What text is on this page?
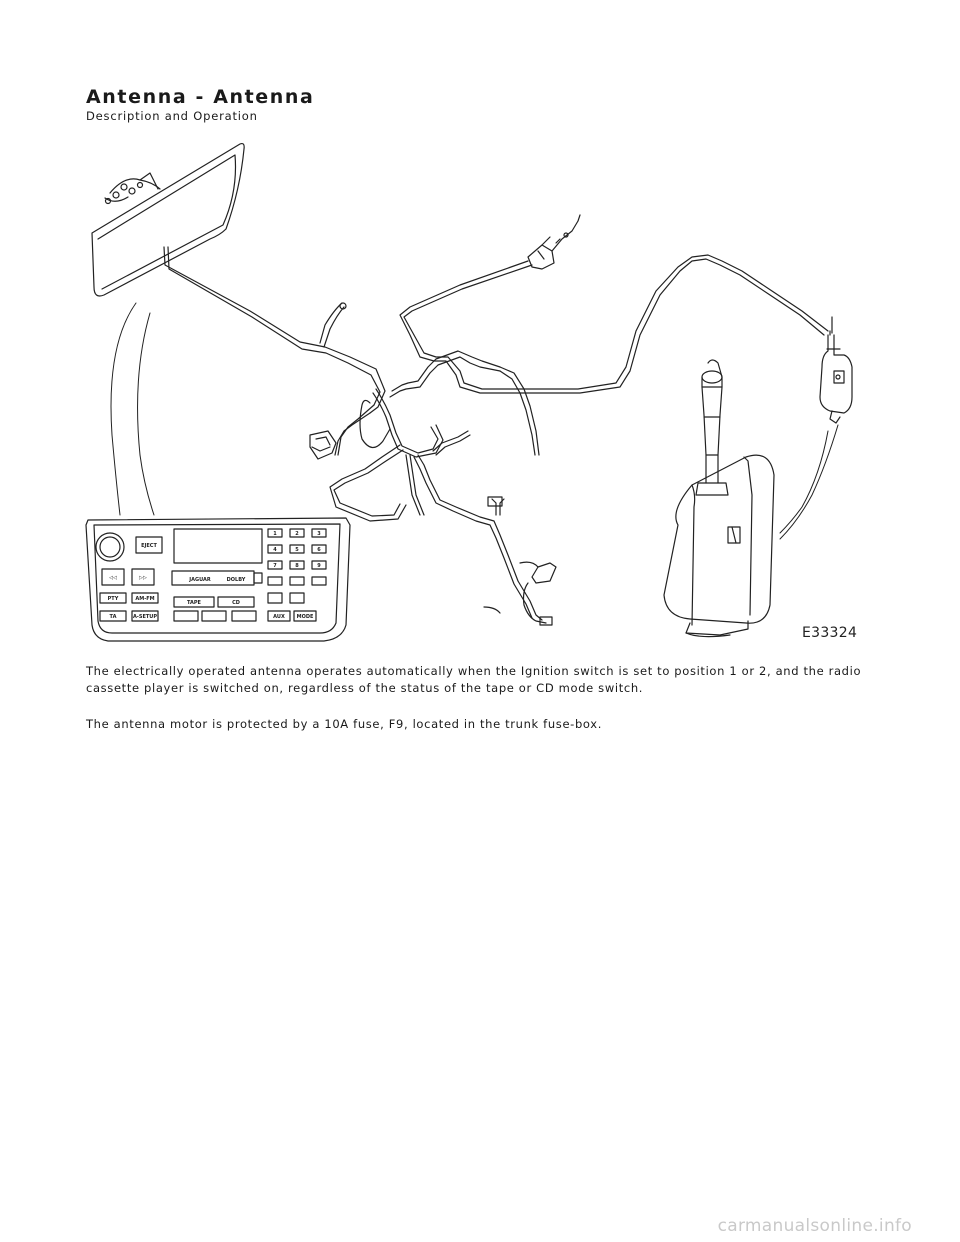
Antenna - Antenna

Description and Operation

EJECT
1	2	3
4	5	6
7	8	9
◁◁	▷▷	JAGUAR	DOLBY
PTY	AM-FM
TAPE	CD
TA	A-SETUP	AUX MODE
E33324

The electrically operated antenna operates automatically when the Ignition switch is set to position 1 or 2, and the radio cassette player is switched on, regardless of the status of the tape or CD mode switch.

The antenna motor is protected by a 10A fuse, F9, located in the trunk fuse-box.

carmanualsonline.info
